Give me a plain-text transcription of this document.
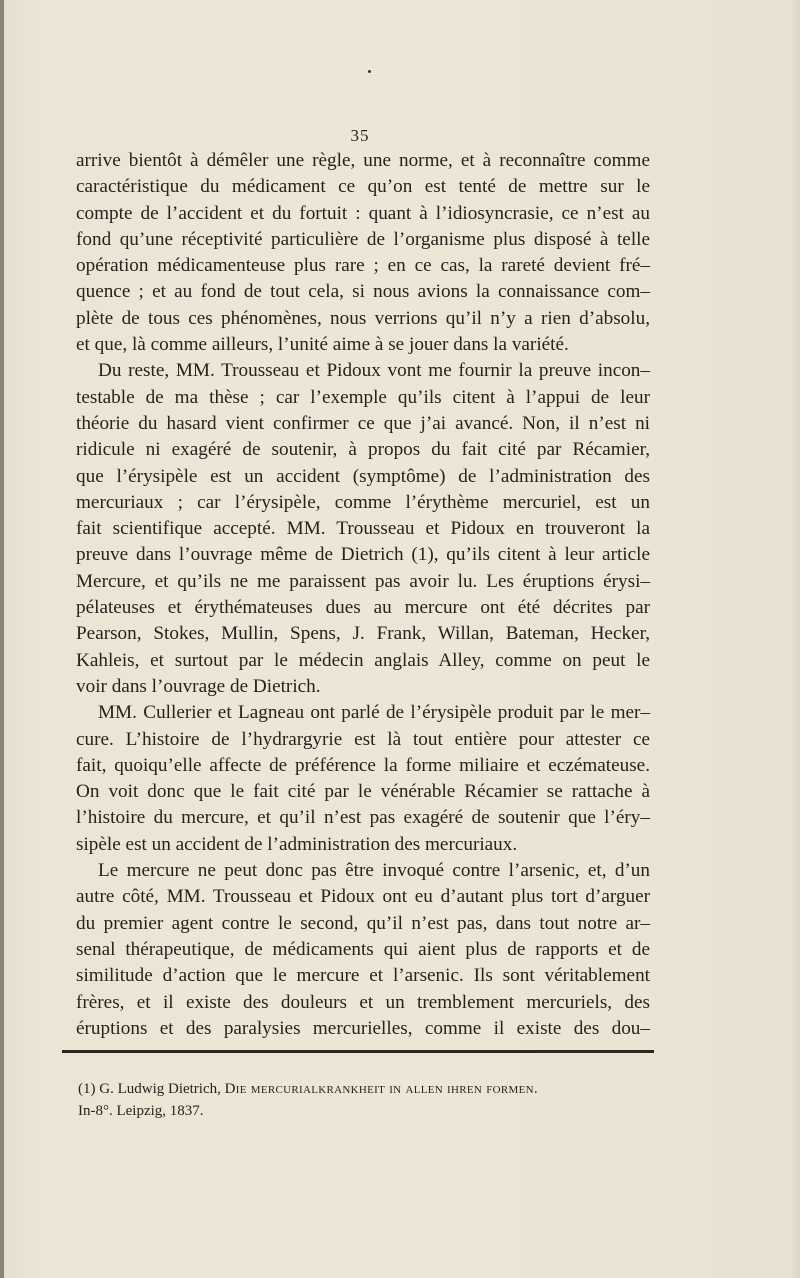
35
arrive bientôt à démêler une règle, une norme, et à reconnaître comme
caractéristique du médicament ce qu’on est tenté de mettre sur le
compte de l’accident et du fortuit : quant à l’idiosyncrasie, ce n’est au
fond qu’une réceptivité particulière de l’organisme plus disposé à telle
opération médicamenteuse plus rare ; en ce cas, la rareté devient fré–
quence ; et au fond de tout cela, si nous avions la connaissance com–
plète de tous ces phénomènes, nous verrions qu’il n’y a rien d’absolu,
et que, là comme ailleurs, l’unité aime à se jouer dans la variété.
Du reste, MM. Trousseau et Pidoux vont me fournir la preuve incon–
testable de ma thèse ; car l’exemple qu’ils citent à l’appui de leur
théorie du hasard vient confirmer ce que j’ai avancé. Non, il n’est ni
ridicule ni exagéré de soutenir, à propos du fait cité par Récamier,
que l’érysipèle est un accident (symptôme) de l’administration des
mercuriaux ; car l’érysipèle, comme l’érythème mercuriel, est un
fait scientifique accepté. MM. Trousseau et Pidoux en trouveront la
preuve dans l’ouvrage même de Dietrich (1), qu’ils citent à leur article
Mercure, et qu’ils ne me paraissent pas avoir lu. Les éruptions érysi–
pélateuses et érythémateuses dues au mercure ont été décrites par
Pearson, Stokes, Mullin, Spens, J. Frank, Willan, Bateman, Hecker,
Kahleis, et surtout par le médecin anglais Alley, comme on peut le
voir dans l’ouvrage de Dietrich.
MM. Cullerier et Lagneau ont parlé de l’érysipèle produit par le mer–
cure. L’histoire de l’hydrargyrie est là tout entière pour attester ce
fait, quoiqu’elle affecte de préférence la forme miliaire et eczémateuse.
On voit donc que le fait cité par le vénérable Récamier se rattache à
l’histoire du mercure, et qu’il n’est pas exagéré de soutenir que l’éry–
sipèle est un accident de l’administration des mercuriaux.
Le mercure ne peut donc pas être invoqué contre l’arsenic, et, d’un
autre côté, MM. Trousseau et Pidoux ont eu d’autant plus tort d’arguer
du premier agent contre le second, qu’il n’est pas, dans tout notre ar–
senal thérapeutique, de médicaments qui aient plus de rapports et de
similitude d’action que le mercure et l’arsenic. Ils sont véritablement
frères, et il existe des douleurs et un tremblement mercuriels, des
éruptions et des paralysies mercurielles, comme il existe des dou–
(1) G. Ludwig Dietrich, Die mercurialkrankheit in allen ihren formen.
In-8°. Leipzig, 1837.
